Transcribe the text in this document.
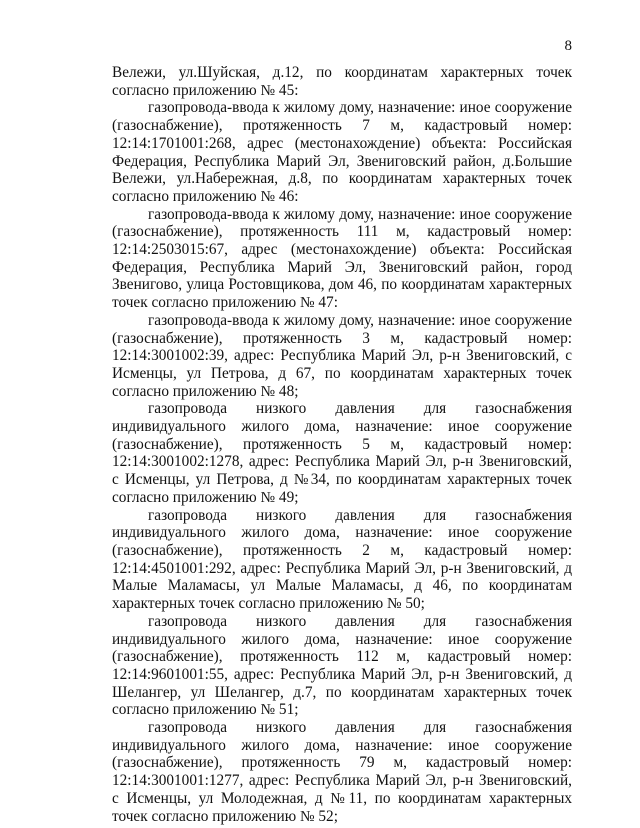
8

Вележи, ул.Шуйская, д.12, по координатам характерных точек согласно приложению № 45:

газопровода-ввода к жилому дому, назначение: иное сооружение (газоснабжение), протяженность 7 м, кадастровый номер: 12:14:1701001:268, адрес (местонахождение) объекта: Российская Федерация, Республика Марий Эл, Звениговский район, д.Большие Вележи, ул.Набережная, д.8, по координатам характерных точек согласно приложению № 46:

газопровода-ввода к жилому дому, назначение: иное сооружение (газоснабжение), протяженность 111 м, кадастровый номер: 12:14:2503015:67, адрес (местонахождение) объекта: Российская Федерация, Республика Марий Эл, Звениговский район, город Звенигово, улица Ростовщикова, дом 46, по координатам характерных точек согласно приложению № 47:

газопровода-ввода к жилому дому, назначение: иное сооружение (газоснабжение), протяженность 3 м, кадастровый номер: 12:14:3001002:39, адрес: Республика Марий Эл, р-н Звениговский, с Исменцы, ул Петрова, д 67, по координатам характерных точек согласно приложению № 48;

газопровода низкого давления для газоснабжения индивидуального жилого дома, назначение: иное сооружение (газоснабжение), протяженность 5 м, кадастровый номер: 12:14:3001002:1278, адрес: Республика Марий Эл, р-н Звениговский, с Исменцы, ул Петрова, д №34, по координатам характерных точек согласно приложению № 49;

газопровода низкого давления для газоснабжения индивидуального жилого дома, назначение: иное сооружение (газоснабжение), протяженность 2 м, кадастровый номер: 12:14:4501001:292, адрес: Республика Марий Эл, р-н Звениговский, д Малые Маламасы, ул Малые Маламасы, д 46, по координатам характерных точек согласно приложению № 50;

газопровода низкого давления для газоснабжения индивидуального жилого дома, назначение: иное сооружение (газоснабжение), протяженность 112 м, кадастровый номер: 12:14:9601001:55, адрес: Республика Марий Эл, р-н Звениговский, д Шелангер, ул Шелангер, д.7, по координатам характерных точек согласно приложению № 51;

газопровода низкого давления для газоснабжения индивидуального жилого дома, назначение: иное сооружение (газоснабжение), протяженность 79 м, кадастровый номер: 12:14:3001001:1277, адрес: Республика Марий Эл, р-н Звениговский, с Исменцы, ул Молодежная, д №11, по координатам характерных точек согласно приложению № 52;
